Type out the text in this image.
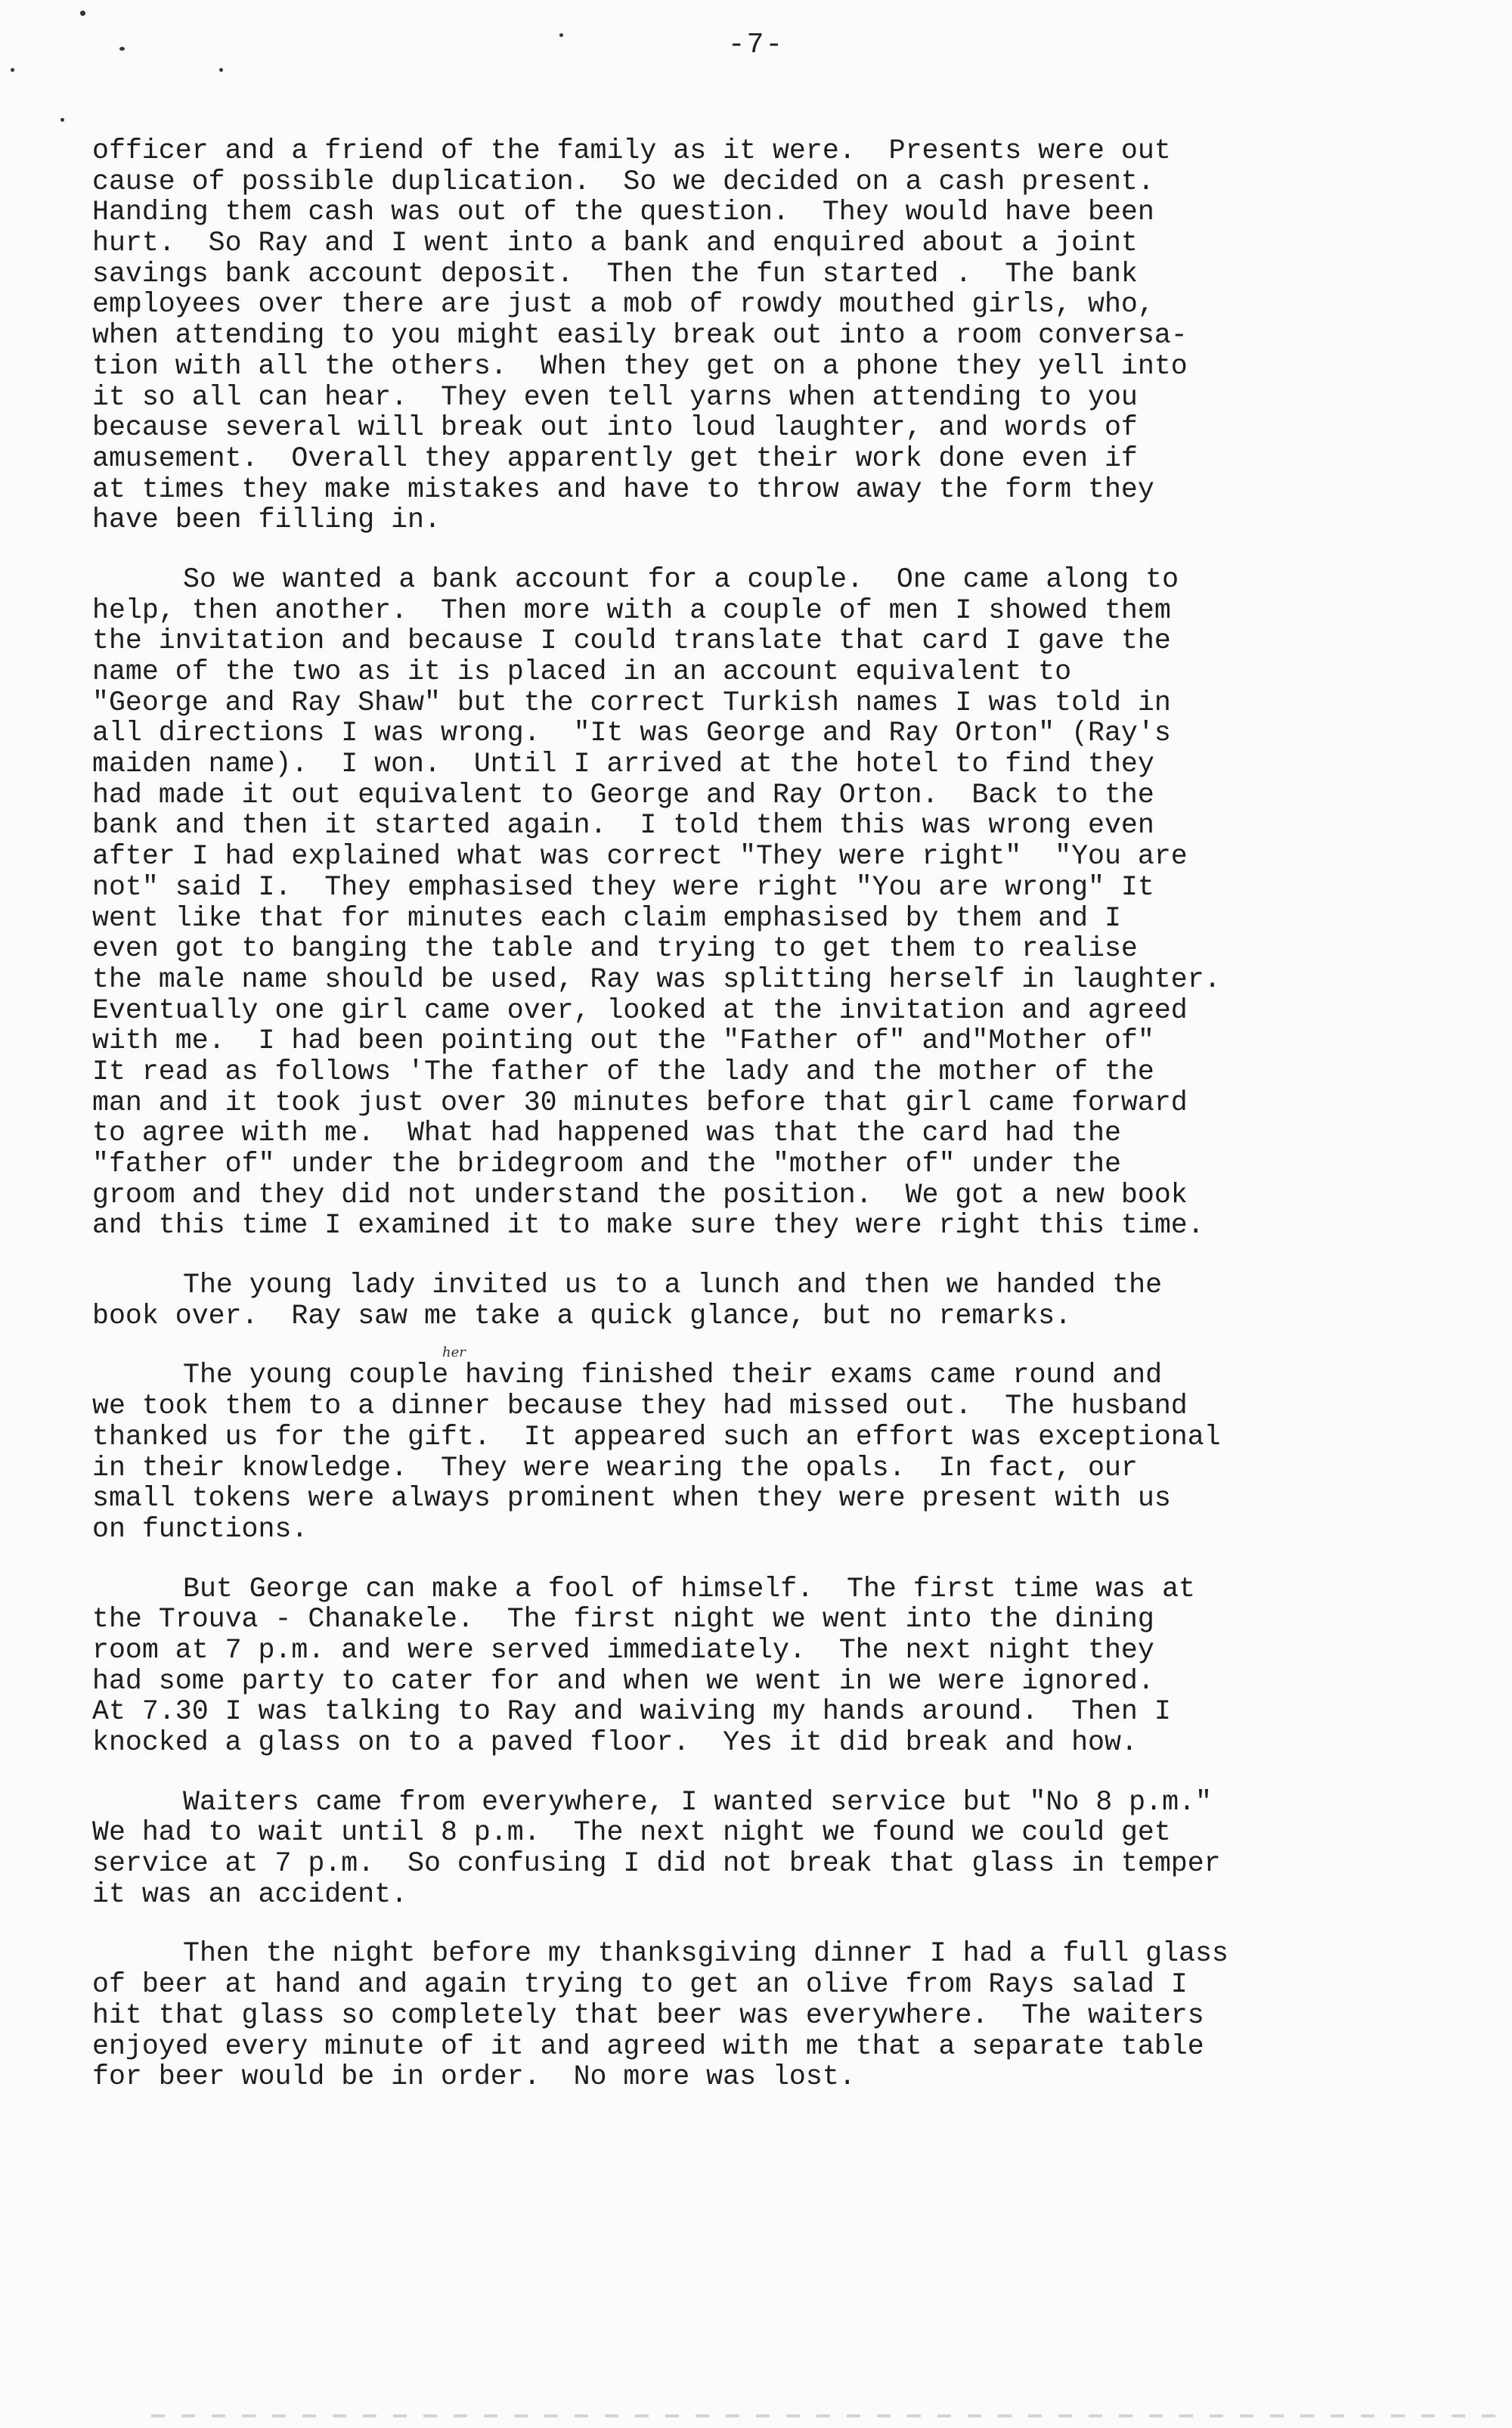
-7-
officer and a friend of the family as it were.  Presents were out
cause of possible duplication.  So we decided on a cash present.
Handing them cash was out of the question.  They would have been
hurt.  So Ray and I went into a bank and enquired about a joint
savings bank account deposit.  Then the fun started .  The bank
employees over there are just a mob of rowdy mouthed girls, who,
when attending to you might easily break out into a room conversa-
tion with all the others.  When they get on a phone they yell into
it so all can hear.  They even tell yarns when attending to you
because several will break out into loud laughter, and words of
amusement.  Overall they apparently get their work done even if
at times they make mistakes and have to throw away the form they
have been filling in.
So we wanted a bank account for a couple.  One came along to
help, then another.  Then more with a couple of men I showed them
the invitation and because I could translate that card I gave the
name of the two as it is placed in an account equivalent to
"George and Ray Shaw" but the correct Turkish names I was told in
all directions I was wrong.  "It was George and Ray Orton" (Ray's
maiden name).  I won.  Until I arrived at the hotel to find they
had made it out equivalent to George and Ray Orton.  Back to the
bank and then it started again.  I told them this was wrong even
after I had explained what was correct "They were right"  "You are
not" said I.  They emphasised they were right "You are wrong" It
went like that for minutes each claim emphasised by them and I
even got to banging the table and trying to get them to realise
the male name should be used, Ray was splitting herself in laughter.
Eventually one girl came over, looked at the invitation and agreed
with me.  I had been pointing out the "Father of" and"Mother of"
It read as follows 'The father of the lady and the mother of the
man and it took just over 30 minutes before that girl came forward
to agree with me.  What had happened was that the card had the
"father of" under the bridegroom and the "mother of" under the
groom and they did not understand the position.  We got a new book
and this time I examined it to make sure they were right this time.
The young lady invited us to a lunch and then we handed the
book over.  Ray saw me take a quick glance, but no remarks.
The young couple having finished their exams came round and
we took them to a dinner because they had missed out.  The husband
thanked us for the gift.  It appeared such an effort was exceptional
in their knowledge.  They were wearing the opals.  In fact, our
small tokens were always prominent when they were present with us
on functions.
But George can make a fool of himself.  The first time was at
the Trouva - Chanakele.  The first night we went into the dining
room at 7 p.m. and were served immediately.  The next night they
had some party to cater for and when we went in we were ignored.
At 7.30 I was talking to Ray and waiving my hands around.  Then I
knocked a glass on to a paved floor.  Yes it did break and how.
Waiters came from everywhere, I wanted service but "No 8 p.m."
We had to wait until 8 p.m.  The next night we found we could get
service at 7 p.m.  So confusing I did not break that glass in temper
it was an accident.
Then the night before my thanksgiving dinner I had a full glass
of beer at hand and again trying to get an olive from Rays salad I
hit that glass so completely that beer was everywhere.  The waiters
enjoyed every minute of it and agreed with me that a separate table
for beer would be in order.  No more was lost.
her
